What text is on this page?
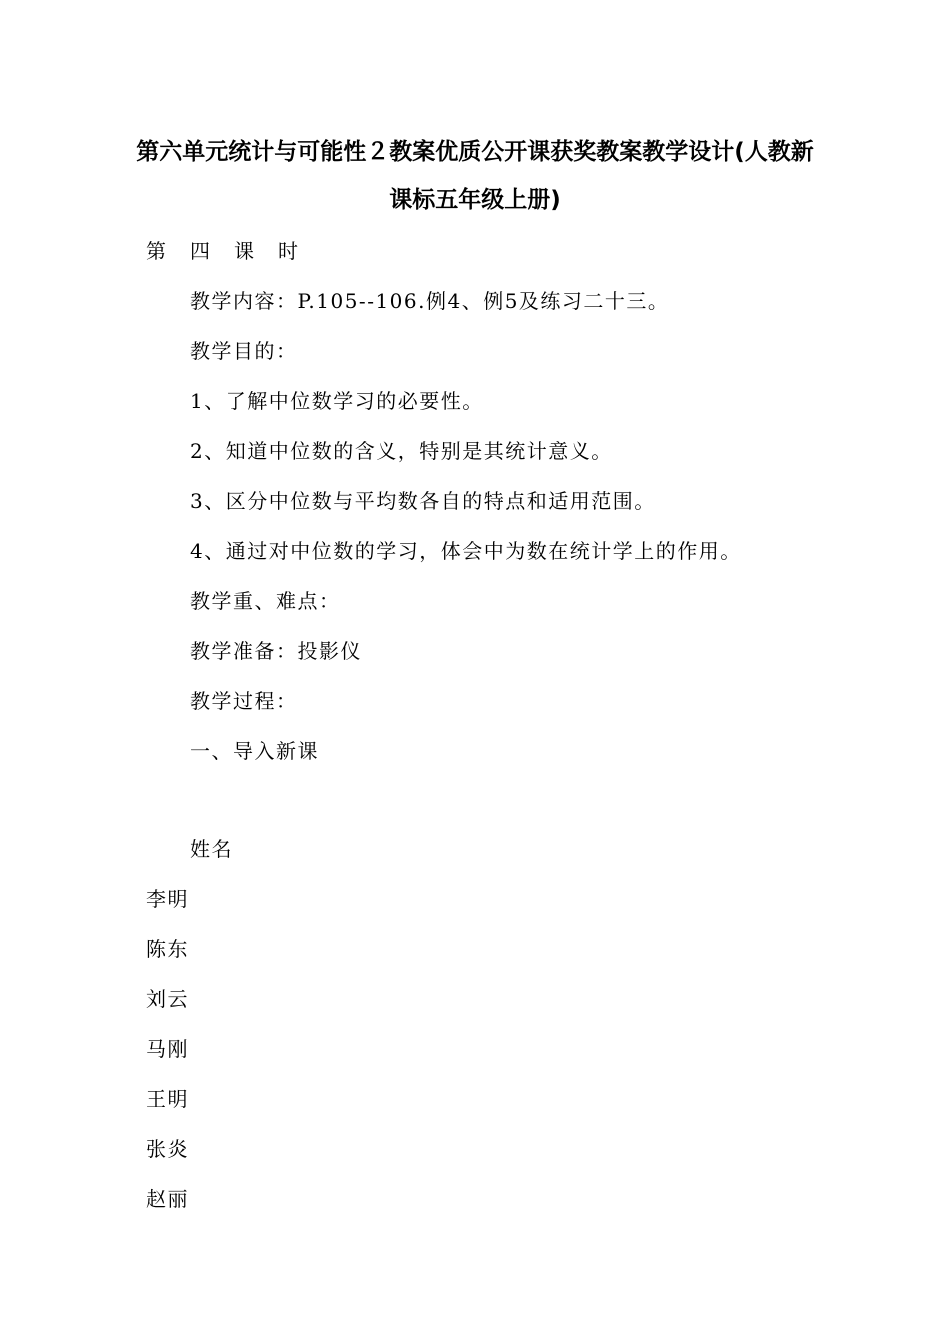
第六单元统计与可能性２教案优质公开课获奖教案教学设计(人教新
课标五年级上册)
第四课时
教学内容：P.105--106.例4、例5及练习二十三。
教学目的：
1、了解中位数学习的必要性。
2、知道中位数的含义，特别是其统计意义。
3、区分中位数与平均数各自的特点和适用范围。
4、通过对中位数的学习，体会中为数在统计学上的作用。
教学重、难点：
教学准备：投影仪
教学过程：
一、导入新课
姓名
李明
陈东
刘云
马刚
王明
张炎
赵丽
